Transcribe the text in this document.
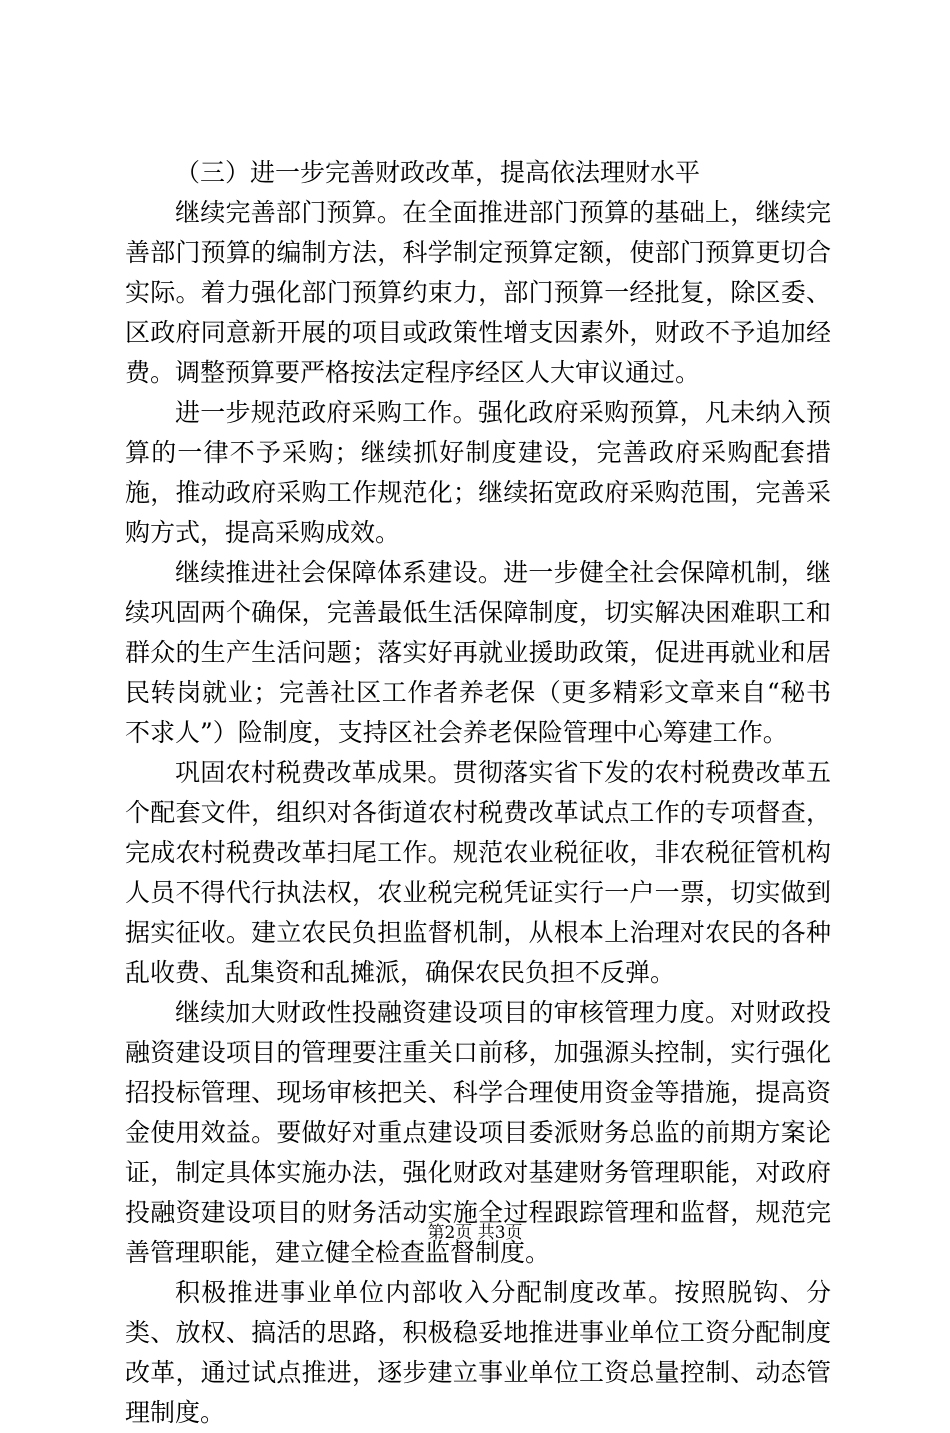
（三）进一步完善财政改革，提高依法理财水平

继续完善部门预算。在全面推进部门预算的基础上，继续完善部门预算的编制方法，科学制定预算定额，使部门预算更切合实际。着力强化部门预算约束力，部门预算一经批复，除区委、区政府同意新开展的项目或政策性增支因素外，财政不予追加经费。调整预算要严格按法定程序经区人大审议通过。

进一步规范政府采购工作。强化政府采购预算，凡未纳入预算的一律不予采购；继续抓好制度建设，完善政府采购配套措施，推动政府采购工作规范化；继续拓宽政府采购范围，完善采购方式，提高采购成效。

继续推进社会保障体系建设。进一步健全社会保障机制，继续巩固两个确保，完善最低生活保障制度，切实解决困难职工和群众的生产生活问题；落实好再就业援助政策，促进再就业和居民转岗就业；完善社区工作者养老保（更多精彩文章来自“秘书不求人”）险制度，支持区社会养老保险管理中心筹建工作。

巩固农村税费改革成果。贯彻落实省下发的农村税费改革五个配套文件，组织对各街道农村税费改革试点工作的专项督查，完成农村税费改革扫尾工作。规范农业税征收，非农税征管机构人员不得代行执法权，农业税完税凭证实行一户一票，切实做到据实征收。建立农民负担监督机制，从根本上治理对农民的各种乱收费、乱集资和乱摊派，确保农民负担不反弹。

继续加大财政性投融资建设项目的审核管理力度。对财政投融资建设项目的管理要注重关口前移，加强源头控制，实行强化招投标管理、现场审核把关、科学合理使用资金等措施，提高资金使用效益。要做好对重点建设项目委派财务总监的前期方案论证，制定具体实施办法，强化财政对基建财务管理职能，对政府投融资建设项目的财务活动实施全过程跟踪管理和监督，规范完善管理职能，建立健全检查监督制度。

积极推进事业单位内部收入分配制度改革。按照脱钩、分类、放权、搞活的思路，积极稳妥地推进事业单位工资分配制度改革，通过试点推进，逐步建立事业单位工资总量控制、动态管理制度。

第2页 共3页
